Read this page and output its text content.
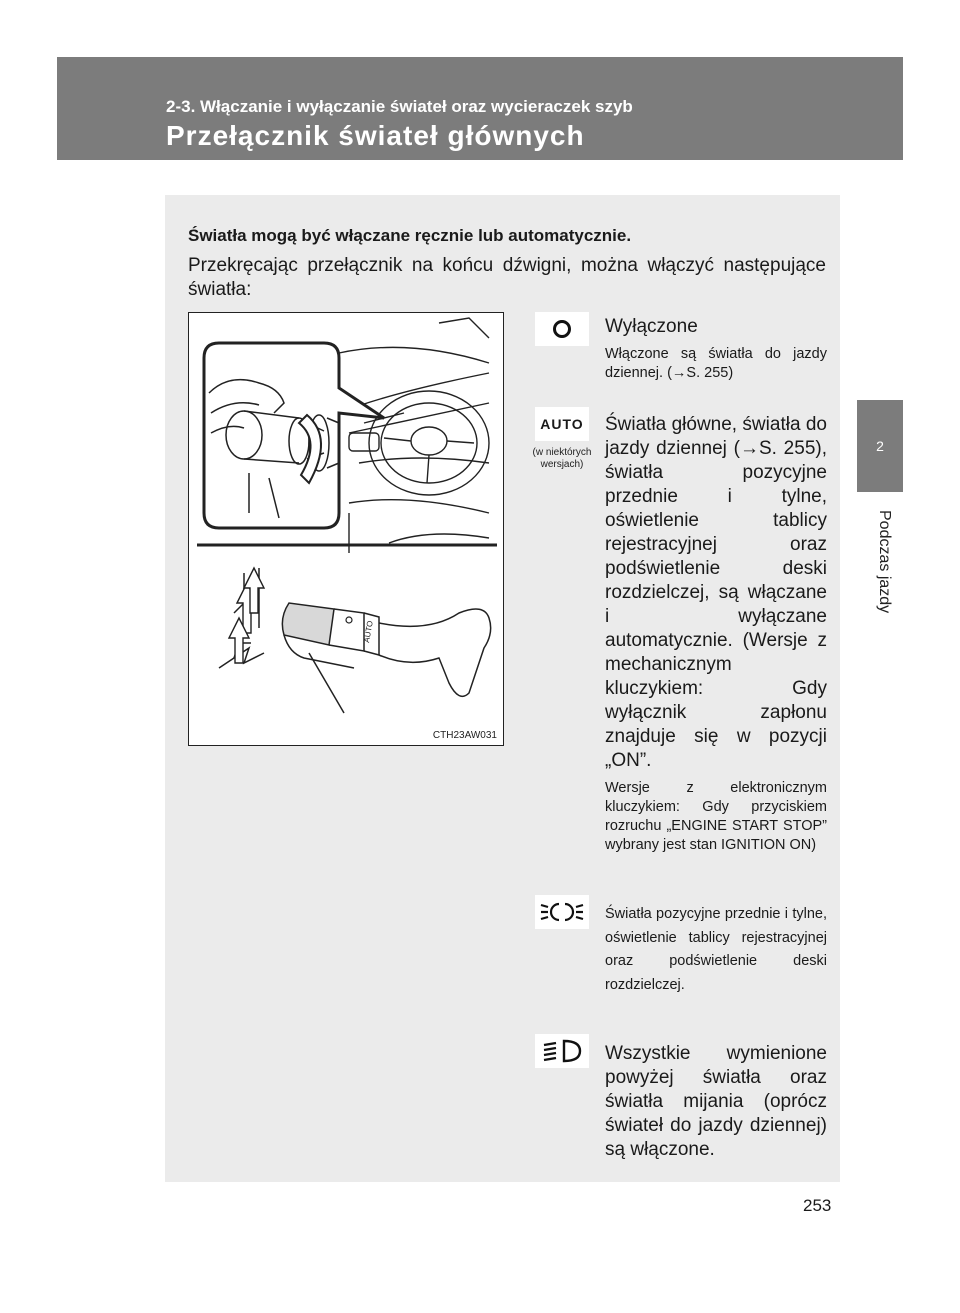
2-3. Włączanie i wyłączanie świateł oraz wycieraczek szyb
Przełącznik świateł głównych
2
Podczas jazdy
Światła mogą być włączane ręcznie lub automatycznie.
Przekręcając przełącznik na końcu dźwigni, można włączyć następujące światła:
AUTO
CTH23AW031

Wyłączone

Włączone są światła do jazdy dziennej. (→S. 255)

AUTO
(w niektórych wersjach)

Światła główne, światła do jazdy dziennej (→S. 255), światła pozycyjne przednie i tylne, oświetlenie tablicy rejestracyjnej oraz podświetlenie deski rozdzielczej, są włączane i wyłączane automatycznie. (Wersje z mechanicznym kluczykiem: Gdy wyłącznik zapłonu znajduje się w pozycji „ON”.

Wersje z elektronicznym kluczykiem: Gdy przyciskiem rozruchu „ENGINE START STOP” wybrany jest stan IGNITION ON)

Światła pozycyjne przednie i tylne, oświetlenie tablicy rejestracyjnej oraz podświetlenie deski rozdzielczej.

Wszystkie wymienione powyżej światła oraz światła mijania (oprócz świateł do jazdy dziennej) są włączone.

253
